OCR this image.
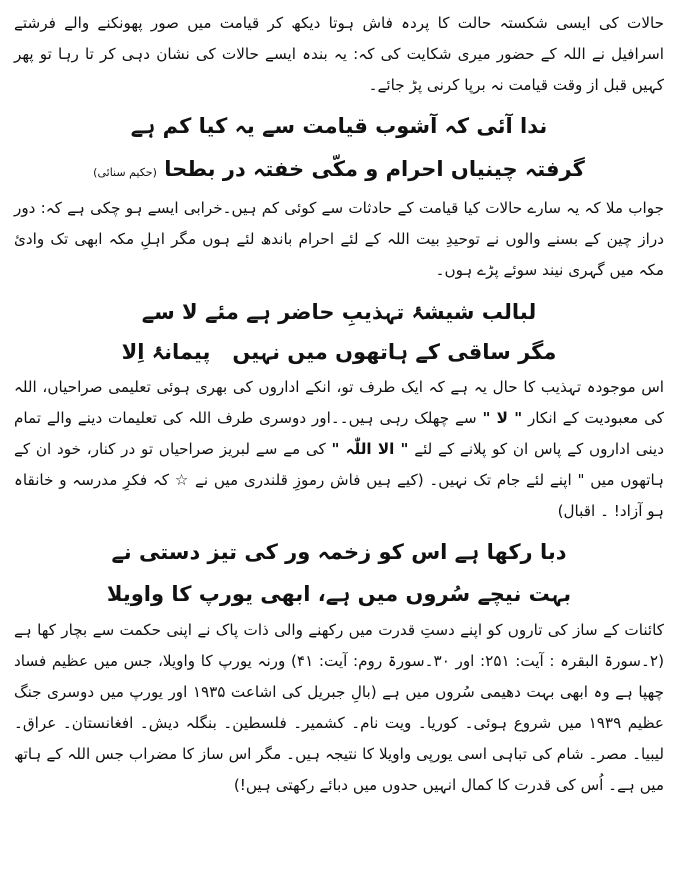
حالات کی ایسی شکستہ حالت کا پردہ فاش ہوتا دیکھ کر قیامت میں صور پھونکنے والے فرشتے اسرافیل نے اللہ کے حضور میری شکایت کی کہ: یہ بندہ ایسے حالات کی نشان دہی کر تا رہا تو پھر کہیں قبل از وقت قیامت نہ برپا کرنی پڑ جائے۔

ندا آئی کہ آشوب قیامت سے یہ کیا کم ہے

گرفتہ چینیاں احرام و مکّی خفتہ در بطحا (حکیم سنائی)

جواب ملا کہ یہ سارے حالات کیا قیامت کے حادثات سے کوئی کم ہیں۔خرابی ایسے ہو چکی ہے کہ: دور دراز چین کے بسنے والوں نے توحیدِ بیت اللہ کے لئے احرام باندھ لئے ہوں مگر اہلِ مکہ ابھی تک وادیٔ مکہ میں گہری نیند سوئے پڑے ہوں۔

لبالب شیشۂ تہذیبِ حاضر ہے مئے لا سے

مگر ساقی کے ہاتھوں میں نہیں   پیمانۂ اِلا

اس موجودہ تہذیب کا حال یہ ہے کہ ایک طرف تو، انکے اداروں کی بھری ہوئی تعلیمی صراحیاں، اللہ کی معبودیت کے انکار " لا " سے چھلک رہی ہیں۔۔اور دوسری طرف اللہ کی تعلیمات دینے والے تمام دینی اداروں کے پاس ان کو پلانے کے لئے " الا اللّٰہ " کی مے سے لبریز صراحیاں تو در کنار، خود ان کے ہاتھوں میں " اپنے لئے جام تک نہیں۔ (کیے ہیں فاش رموزِ قلندری میں نے ☆ کہ فکرِ مدرسہ و خانقاہ ہو آزاد! ۔ اقبال)

دبا رکھا ہے اس کو زخمہ ور کی تیز دستی نے

بہت نیچے سُروں میں ہے، ابھی یورپ کا واویلا

کائنات کے ساز کی تاروں کو اپنے دستِ قدرت میں رکھنے والی ذات پاک نے اپنی حکمت سے بچار کھا ہے (۲۔سورۃ البقرہ : آیت: ۲۵۱: اور ۳۰۔سورۃ روم: آیت: ۴۱) ورنہ یورپ کا واویلا، جس میں عظیم فساد چھپا ہے وہ ابھی بہت دھیمی سُروں میں ہے (بالِ جبریل کی اشاعت ۱۹۳۵ اور یورپ میں دوسری جنگ عظیم ۱۹۳۹ میں شروع ہوئی۔ کوریا۔ ویت نام۔ کشمیر۔ فلسطین۔ بنگلہ دیش۔ افغانستان۔ عراق۔ لیبیا۔ مصر۔ شام کی تباہی اسی یورپی واویلا کا نتیجہ ہیں۔ مگر اس ساز کا مضراب جس اللہ کے ہاتھ میں ہے۔ اُس کی قدرت کا کمال انہیں حدوں میں دبائے رکھتی ہیں!)
